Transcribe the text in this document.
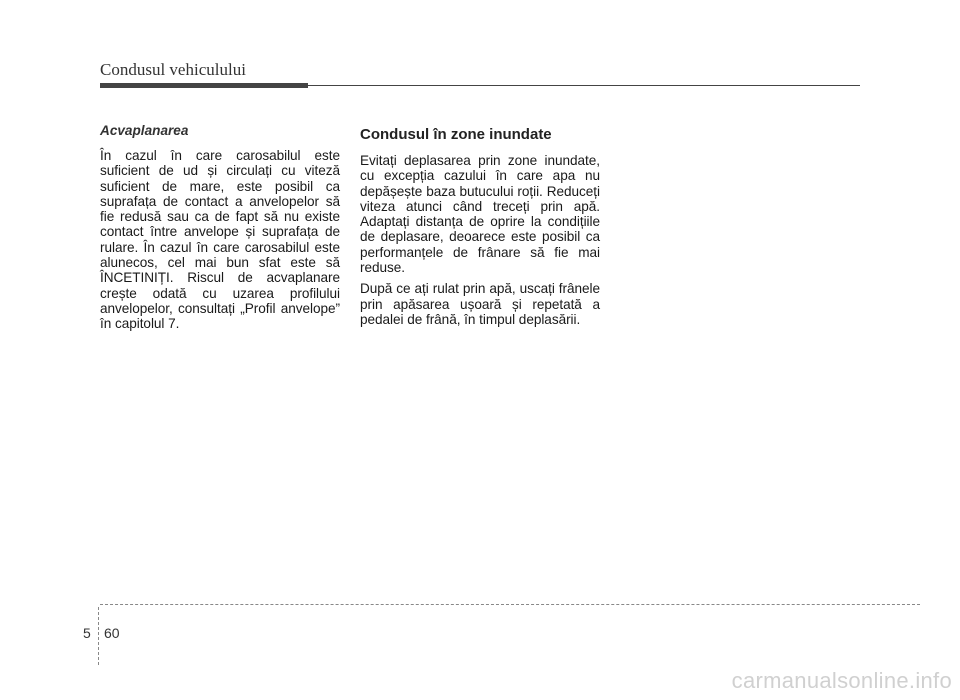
Condusul vehiculului
Acvaplanarea

În cazul în care carosabilul este suficient de ud și circulați cu viteză suficient de mare, este posibil ca suprafața de contact a anvelopelor să fie redusă sau ca de fapt să nu existe contact între anvelope și suprafața de rulare. În cazul în care carosabilul este alunecos, cel mai bun sfat este să ÎNCETINIȚI. Riscul de acvaplanare crește odată cu uzarea profilului anvelopelor, consultați „Profil anvelope” în capitolul 7.

Condusul în zone inundate

Evitați deplasarea prin zone inundate, cu excepția cazului în care apa nu depășește baza butucului roții. Reduceți viteza atunci când treceți prin apă. Adaptați distanța de oprire la condițiile de deplasare, deoarece este posibil ca performanțele de frânare să fie mai reduse.

După ce ați rulat prin apă, uscați frânele prin apăsarea ușoară și repetată a pedalei de frână, în timpul deplasării.

5 60
carmanualsonline.info
